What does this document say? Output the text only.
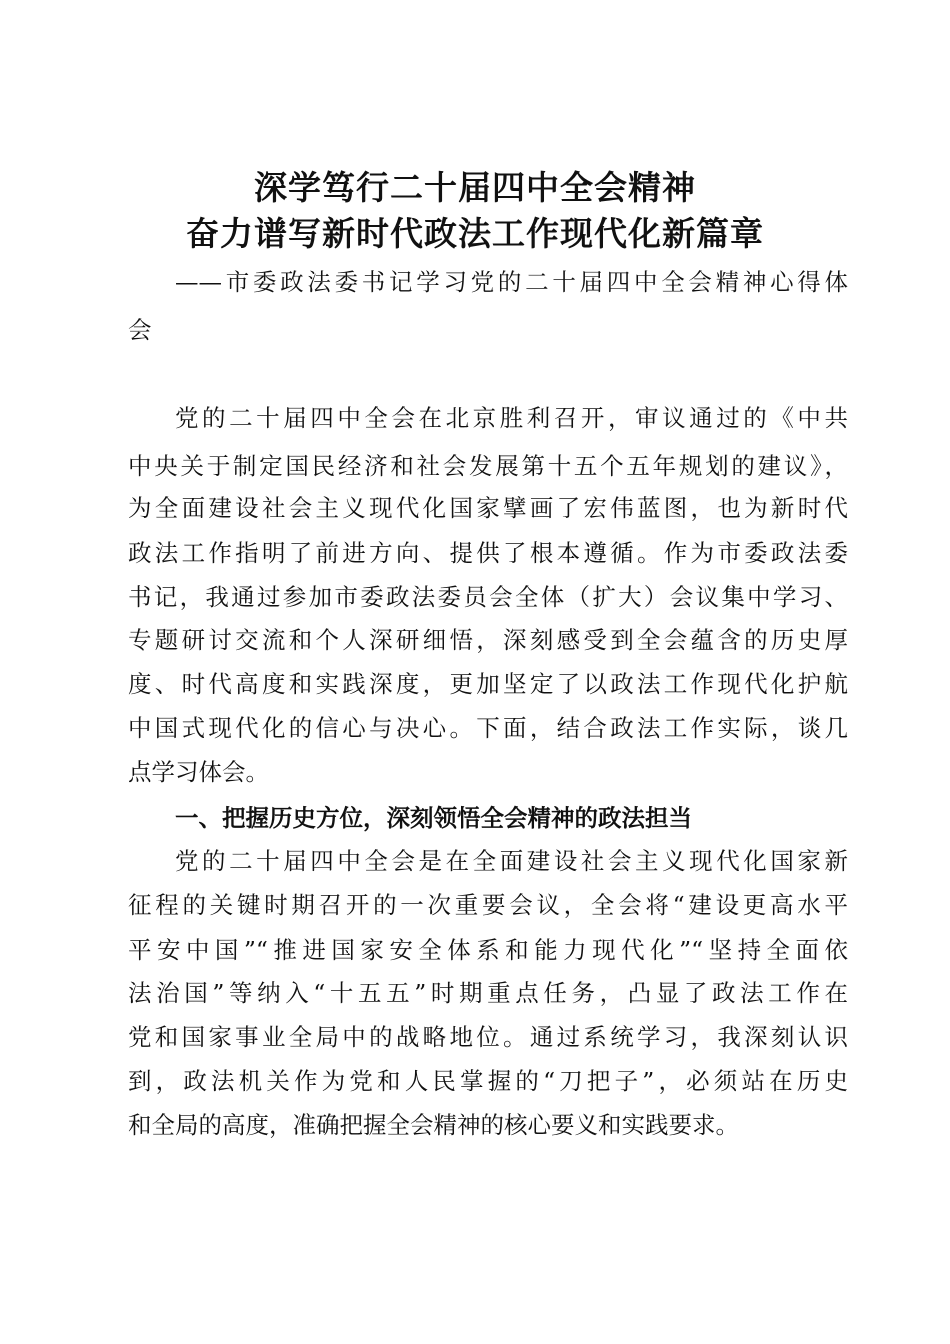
深学笃行二十届四中全会精神
奋力谱写新时代政法工作现代化新篇章
——市委政法委书记学习党的二十届四中全会精神心得体
会
党的二十届四中全会在北京胜利召开，审议通过的《中共
中央关于制定国民经济和社会发展第十五个五年规划的建议》，
为全面建设社会主义现代化国家擘画了宏伟蓝图，也为新时代
政法工作指明了前进方向、提供了根本遵循。作为市委政法委
书记，我通过参加市委政法委员会全体（扩大）会议集中学习、
专题研讨交流和个人深研细悟，深刻感受到全会蕴含的历史厚
度、时代高度和实践深度，更加坚定了以政法工作现代化护航
中国式现代化的信心与决心。下面，结合政法工作实际，谈几
点学习体会。
一、把握历史方位，深刻领悟全会精神的政法担当
党的二十届四中全会是在全面建设社会主义现代化国家新
征程的关键时期召开的一次重要会议，全会将“建设更高水平
平安中国”“推进国家安全体系和能力现代化”“坚持全面依
法治国”等纳入“十五五”时期重点任务，凸显了政法工作在
党和国家事业全局中的战略地位。通过系统学习，我深刻认识
到，政法机关作为党和人民掌握的“刀把子”，必须站在历史
和全局的高度，准确把握全会精神的核心要义和实践要求。
